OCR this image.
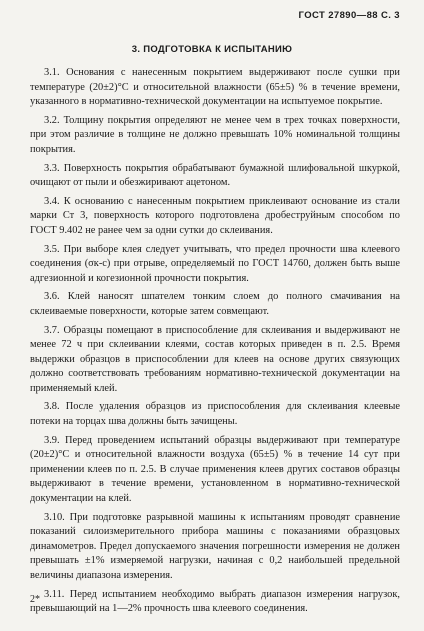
ГОСТ 27890—88 С. 3
3. ПОДГОТОВКА К ИСПЫТАНИЮ

3.1. Основания с нанесенным покрытием выдерживают после сушки при температуре (20±2)°С и относительной влажности (65±5) % в течение времени, указанного в нормативно-технической документации на испытуемое покрытие.

3.2. Толщину покрытия определяют не менее чем в трех точках поверхности, при этом различие в толщине не должно превышать 10% номинальной толщины покрытия.

3.3. Поверхность покрытия обрабатывают бумажной шлифовальной шкуркой, очищают от пыли и обезжиривают ацетоном.

3.4. К основанию с нанесенным покрытием приклеивают основание из стали марки Ст 3, поверхность которого подготовлена дробеструйным способом по ГОСТ 9.402 не ранее чем за одни сутки до склеивания.

3.5. При выборе клея следует учитывать, что предел прочности шва клеевого соединения (σк-с) при отрыве, определяемый по ГОСТ 14760, должен быть выше адгезионной и когезионной прочности покрытия.

3.6. Клей наносят шпателем тонким слоем до полного смачивания на склеиваемые поверхности, которые затем совмещают.

3.7. Образцы помещают в приспособление для склеивания и выдерживают не менее 72 ч при склеивании клеями, состав которых приведен в п. 2.5. Время выдержки образцов в приспособлении для клеев на основе других связующих должно соответствовать требованиям нормативно-технической документации на применяемый клей.

3.8. После удаления образцов из приспособления для склеивания клеевые потеки на торцах шва должны быть зачищены.

3.9. Перед проведением испытаний образцы выдерживают при температуре (20±2)°С и относительной влажности воздуха (65±5) % в течение 14 сут при применении клеев по п. 2.5. В случае применения клеев других составов образцы выдерживают в течение времени, установленном в нормативно-технической документации на клей.

3.10. При подготовке разрывной машины к испытаниям проводят сравнение показаний силоизмерительного прибора машины с показаниями образцовых динамометров. Предел допускаемого значения погрешности измерения не должен превышать ±1% измеряемой нагрузки, начиная с 0,2 наибольшей предельной величины диапазона измерения.

3.11. Перед испытанием необходимо выбрать диапазон измерения нагрузок, превышающий на 1—2% прочность шва клеевого соединения.

2*
